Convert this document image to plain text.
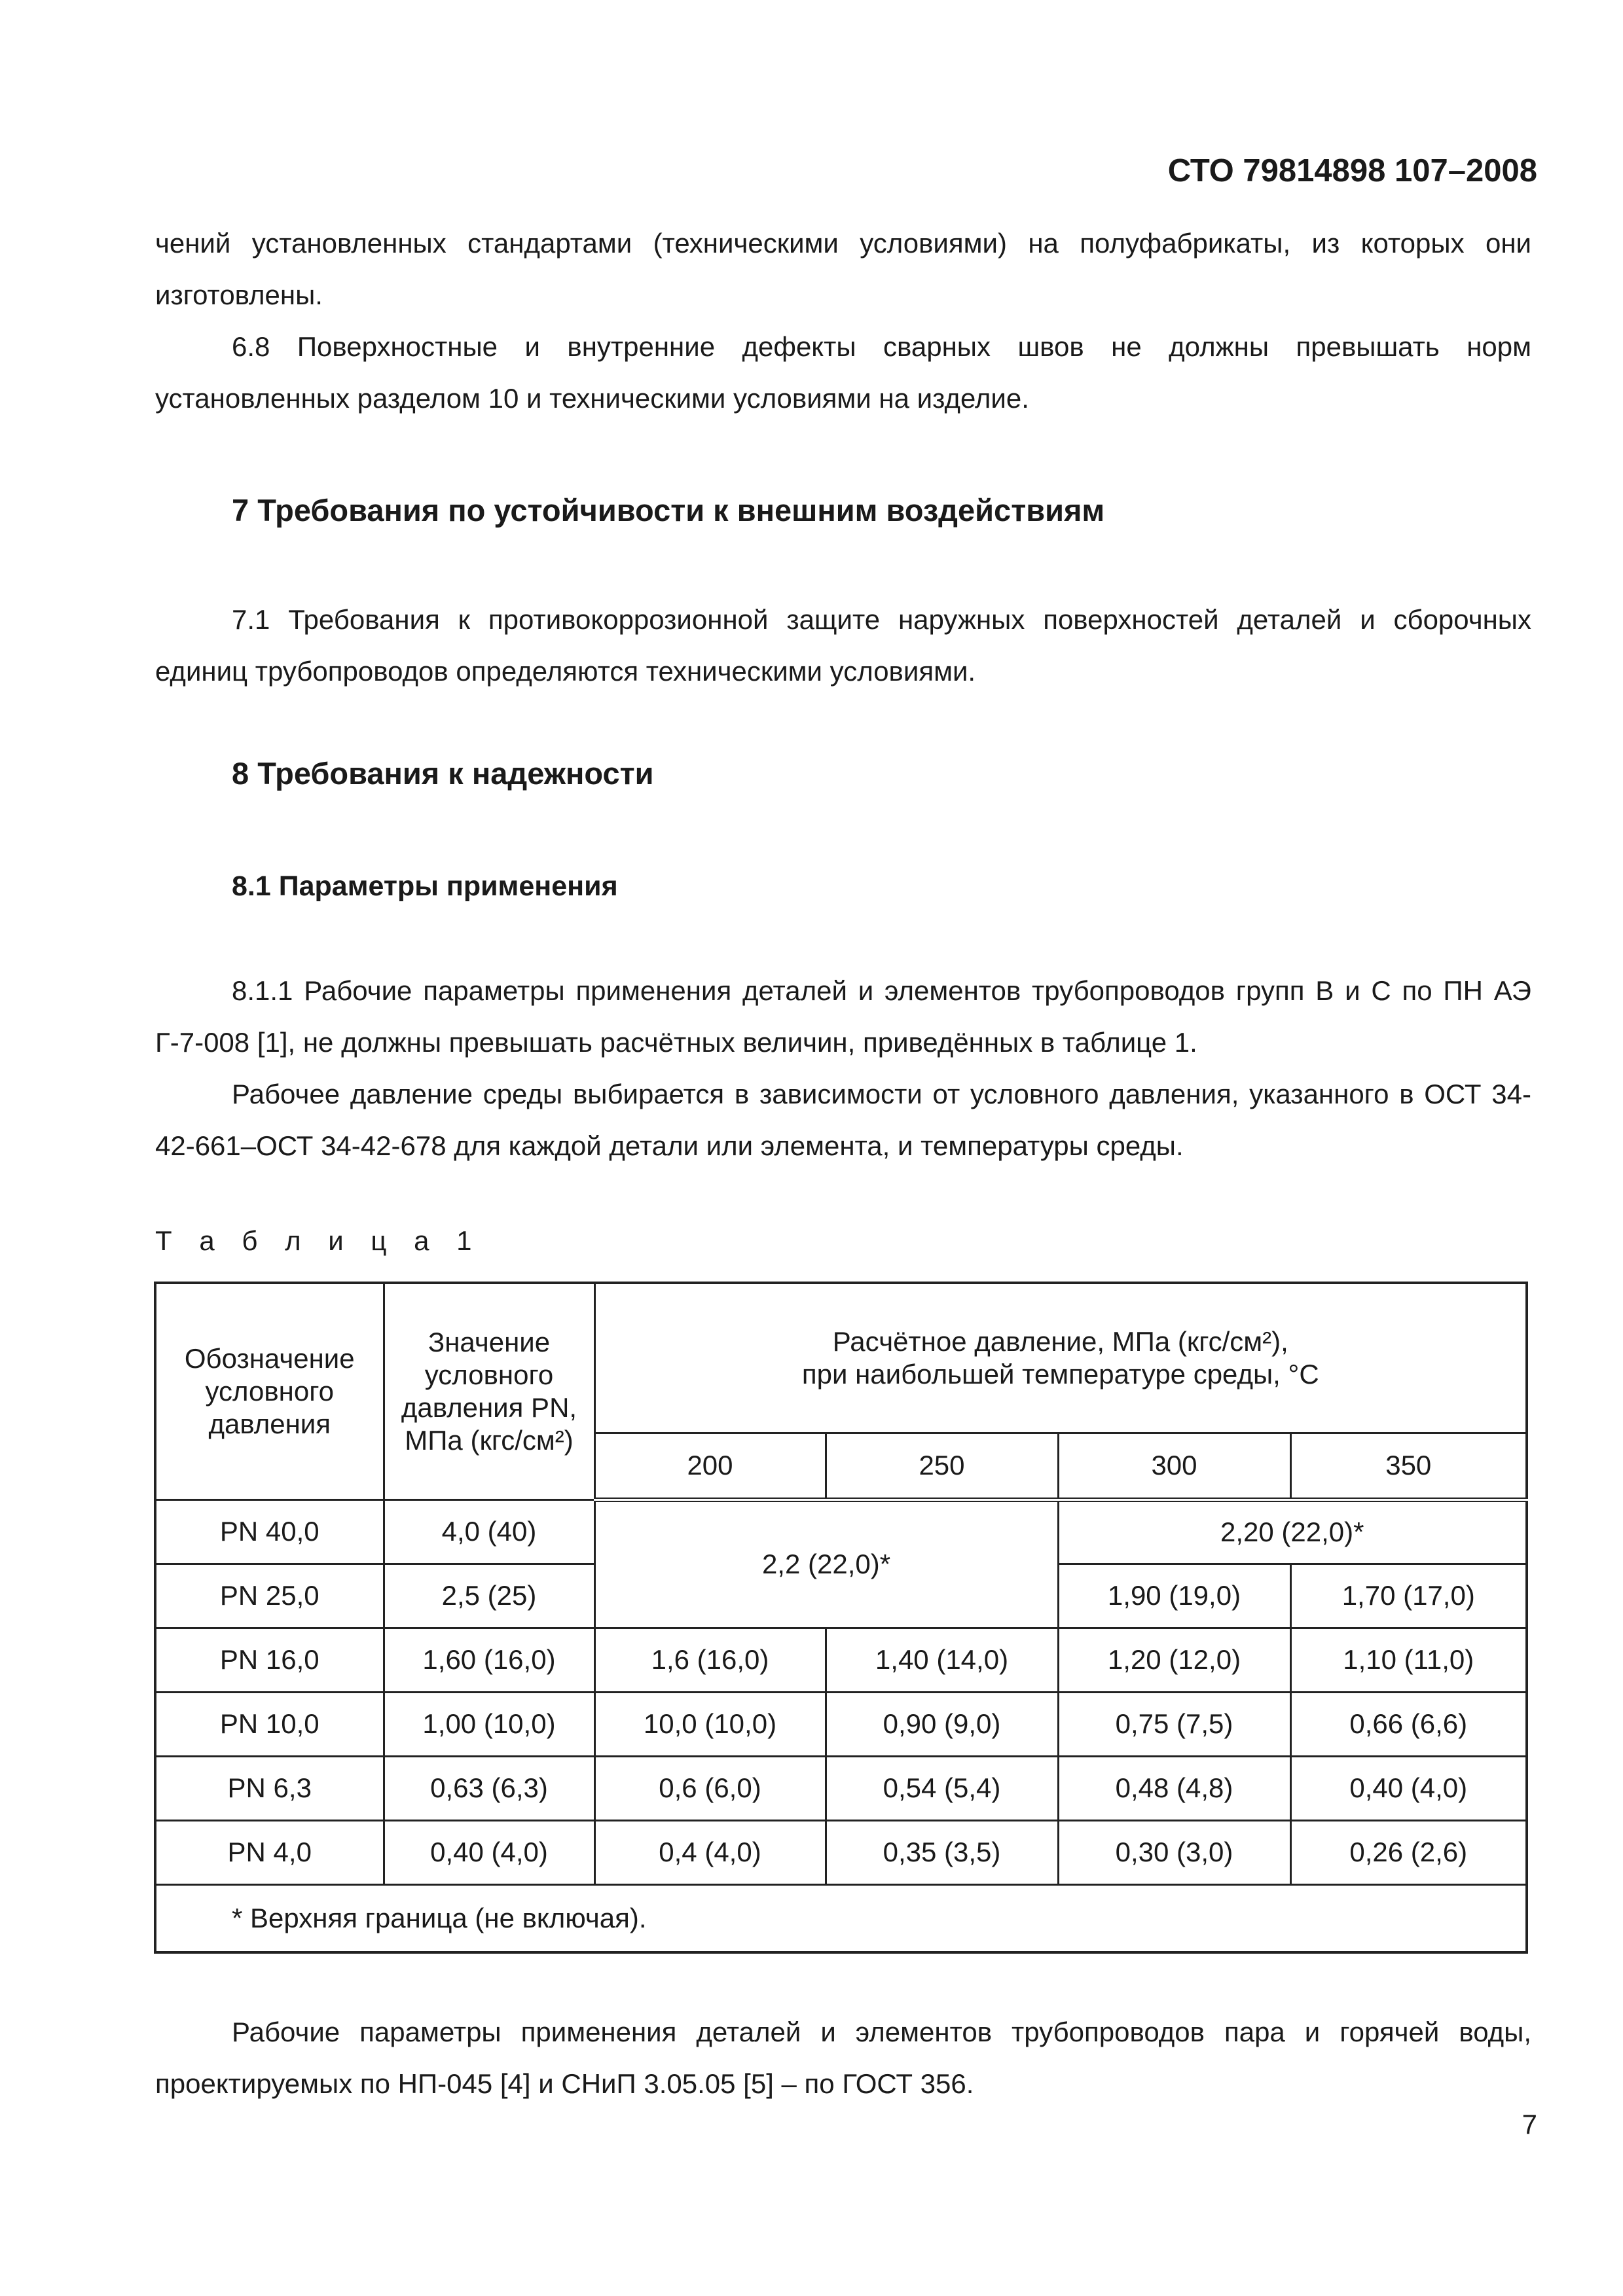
СТО 79814898 107–2008

чений установленных стандартами (техническими условиями) на полуфабрикаты, из которых они изготовлены.

6.8 Поверхностные и внутренние дефекты сварных швов не должны превышать норм установленных разделом 10 и техническими условиями на изделие.

7 Требования по устойчивости к внешним воздействиям

7.1 Требования к противокоррозионной защите наружных поверхностей деталей и сборочных единиц трубопроводов определяются техническими условиями.

8 Требования к надежности
8.1 Параметры применения

8.1.1 Рабочие параметры применения деталей и элементов трубопроводов групп B и C по ПН АЭ Г-7-008 [1], не должны превышать расчётных величин, приведённых в таблице 1.

Рабочее давление среды выбирается в зависимости от условного давления, указанного в ОСТ 34-42-661–ОСТ 34-42-678 для каждой детали или элемента, и температуры среды.

Т а б л и ц а 1
Обозначение условного давления	Значение условного давления PN, МПа (кгс/см²)	Расчётное давление, МПа (кгс/см²),
при наибольшей температуре среды, °С			

		200	250	300	350
PN 40,0	4,0 (40)	2,2 (22,0)*		2,20 (22,0)*	
PN 25,0	2,5 (25)			1,90 (19,0)	1,70 (17,0)
PN 16,0	1,60 (16,0)	1,6 (16,0)	1,40 (14,0)	1,20 (12,0)	1,10 (11,0)
PN 10,0	1,00 (10,0)	10,0 (10,0)	0,90 (9,0)	0,75 (7,5)	0,66 (6,6)
PN 6,3	0,63 (6,3)	0,6 (6,0)	0,54 (5,4)	0,48 (4,8)	0,40 (4,0)
PN 4,0	0,40 (4,0)	0,4 (4,0)	0,35 (3,5)	0,30 (3,0)	0,26 (2,6)
* Верхняя граница (не включая).					

Рабочие параметры применения деталей и элементов трубопроводов пара и горячей воды, проектируемых по НП-045 [4] и СНиП 3.05.05 [5] – по ГОСТ 356.

7
